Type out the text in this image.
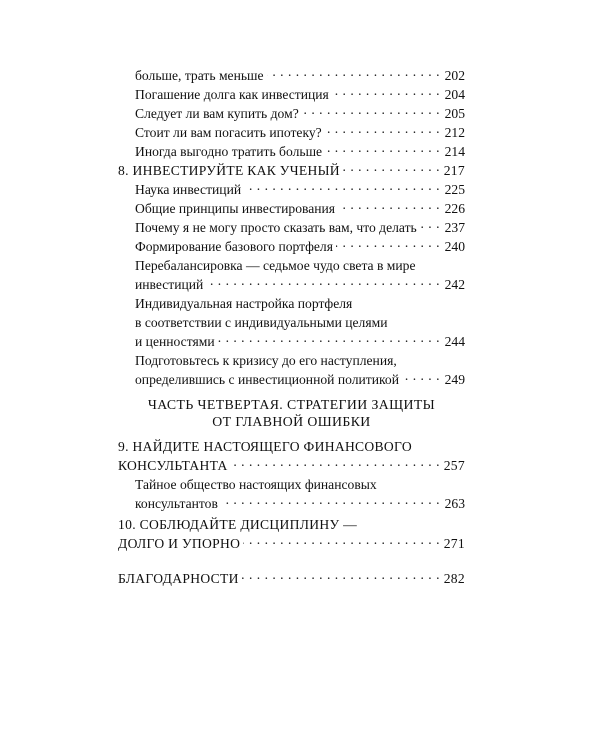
больше, трать меньше . . .	202
Погашение долга как инвестиция . . .	204
Следует ли вам купить дом? . . .	205
Стоит ли вам погасить ипотеку? . . .	212
Иногда выгодно тратить больше . . .	214
8. ИНВЕСТИРУЙТЕ КАК УЧЕНЫЙ . . .	217
Наука инвестиций . . .	225
Общие принципы инвестирования . . .	226
Почему я не могу просто сказать вам, что делать . . . 237
Формирование базового портфеля . . .	240
Перебалансировка — седьмое чудо света в мире
инвестиций . . .	242
Индивидуальная настройка портфеля
в соответствии с индивидуальными целями
и ценностями . . .	244
Подготовьтесь к кризису до его наступления,
определившись с инвестиционной политикой . . .	249
ЧАСТЬ ЧЕТВЕРТАЯ. СТРАТЕГИИ ЗАЩИТЫ
ОТ ГЛАВНОЙ ОШИБКИ
9. НАЙДИТЕ НАСТОЯЩЕГО ФИНАНСОВОГО
КОНСУЛЬТАНТА . . .	257
Тайное общество настоящих финансовых
консультантов . . .	263
10. СОБЛЮДАЙТЕ ДИСЦИПЛИНУ —
ДОЛГО И УПОРНО . . .	271
БЛАГОДАРНОСТИ . . .	282
